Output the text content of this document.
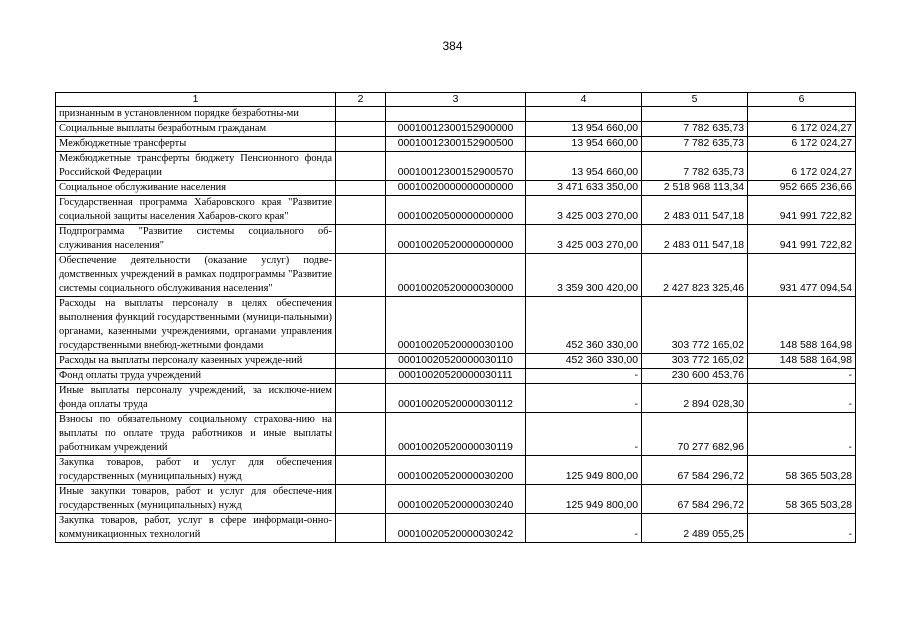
384
1	2	3	4	5	6
признанным в установленном порядке безработны-ми					
Социальные выплаты безработным гражданам		00010012300152900000	13 954 660,00	7 782 635,73	6 172 024,27
Межбюджетные трансферты		00010012300152900500	13 954 660,00	7 782 635,73	6 172 024,27
Межбюджетные трансферты бюджету Пенсионного фонда Российской Федерации		00010012300152900570	13 954 660,00	7 782 635,73	6 172 024,27
Социальное обслуживание населения		00010020000000000000	3 471 633 350,00	2 518 968 113,34	952 665 236,66
Государственная программа Хабаровского края "Развитие социальной защиты населения Хабаров-ского края"		00010020500000000000	3 425 003 270,00	2 483 011 547,18	941 991 722,82
Подпрограмма "Развитие системы социального об-служивания населения"		00010020520000000000	3 425 003 270,00	2 483 011 547,18	941 991 722,82
Обеспечение деятельности (оказание услуг) подве-домственных учреждений в рамках подпрограммы "Развитие системы социального обслуживания населения"		00010020520000030000	3 359 300 420,00	2 427 823 325,46	931 477 094,54
Расходы на выплаты персоналу в целях обеспечения выполнения функций государственными (муници-пальными) органами, казенными учреждениями, органами управления государственными внебюд-жетными фондами		00010020520000030100	452 360 330,00	303 772 165,02	148 588 164,98
Расходы на выплаты персоналу казенных учрежде-ний		00010020520000030110	452 360 330,00	303 772 165,02	148 588 164,98
Фонд оплаты труда учреждений		00010020520000030111	-	230 600 453,76	-
Иные выплаты персоналу учреждений, за исключе-нием фонда оплаты труда		00010020520000030112	-	2 894 028,30	-
Взносы по обязательному социальному страхова-нию на выплаты по оплате труда работников и иные выплаты работникам учреждений		00010020520000030119	-	70 277 682,96	-
Закупка товаров, работ и услуг для обеспечения государственных (муниципальных) нужд		00010020520000030200	125 949 800,00	67 584 296,72	58 365 503,28
Иные закупки товаров, работ и услуг для обеспече-ния государственных (муниципальных) нужд		00010020520000030240	125 949 800,00	67 584 296,72	58 365 503,28
Закупка товаров, работ, услуг в сфере информаци-онно-коммуникационных технологий		00010020520000030242	-	2 489 055,25	-
